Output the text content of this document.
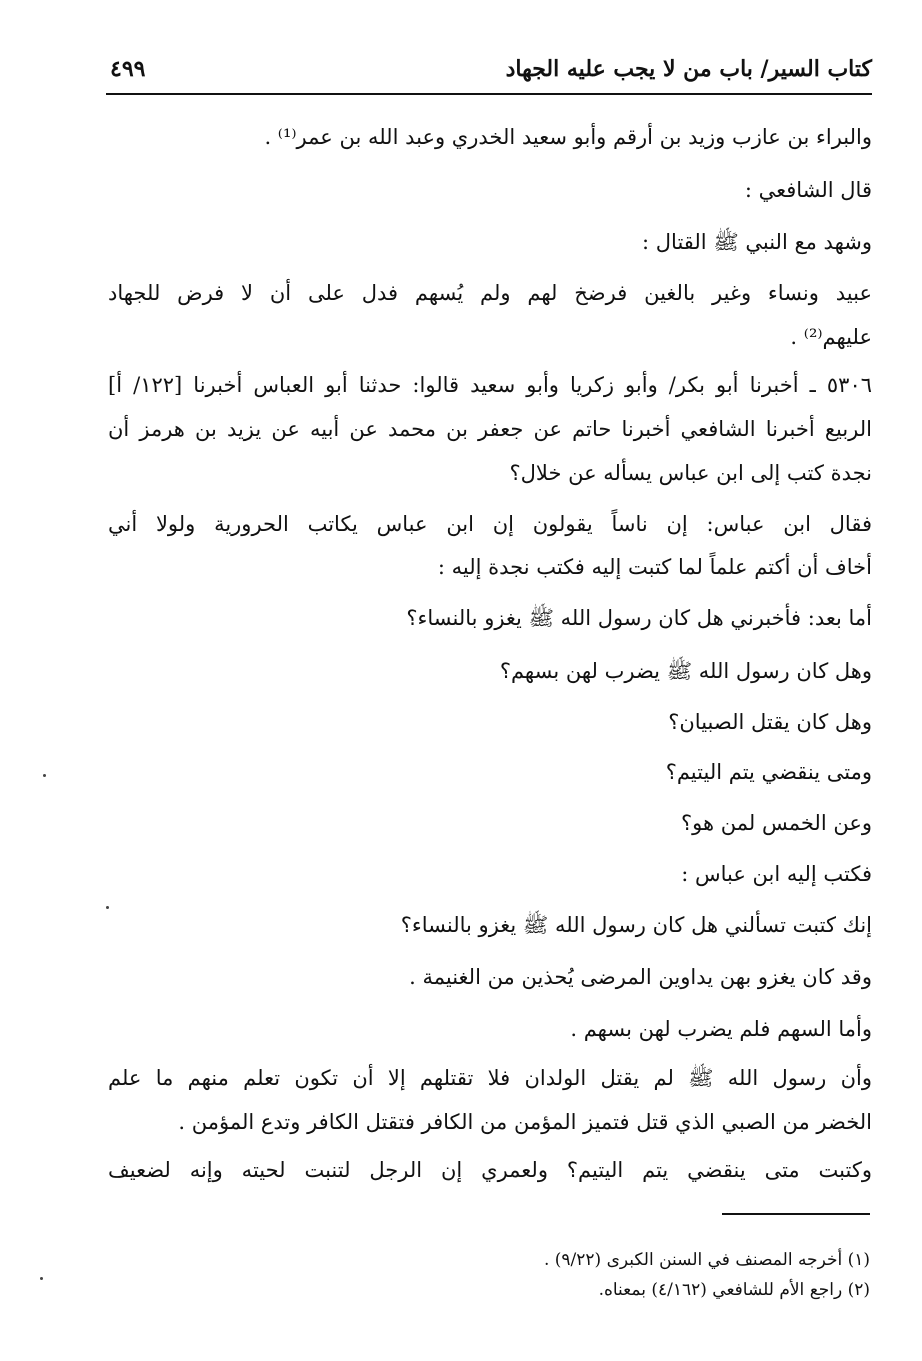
كتاب السير/ باب من لا يجب عليه الجهاد
٤٩٩
والبراء بن عازب وزيد بن أرقم وأبو سعيد الخدري وعبد الله بن عمر⁽¹⁾ .
قال الشافعي :
وشهد مع النبي ﷺ القتال :
عبيد ونساء وغير بالغين فرضخ لهم ولم يُسهم فدل على أن لا فرض للجهاد
عليهم⁽²⁾ .
٥٣٠٦ ـ أخبرنا أبو بكر/ وأبو زكريا وأبو سعيد قالوا: حدثنا أبو العباس أخبرنا [١٢٢/ أ]
الربيع أخبرنا الشافعي أخبرنا حاتم عن جعفر بن محمد عن أبيه عن يزيد بن هرمز أن
نجدة كتب إلى ابن عباس يسأله عن خلال؟
فقال ابن عباس: إن ناساً يقولون إن ابن عباس يكاتب الحرورية ولولا أني
أخاف أن أكتم علماً لما كتبت إليه فكتب نجدة إليه :
أما بعد: فأخبرني هل كان رسول الله ﷺ يغزو بالنساء؟
وهل كان رسول الله ﷺ يضرب لهن بسهم؟
وهل كان يقتل الصبيان؟
ومتى ينقضي يتم اليتيم؟
وعن الخمس لمن هو؟
فكتب إليه ابن عباس :
إنك كتبت تسألني هل كان رسول الله ﷺ يغزو بالنساء؟
وقد كان يغزو بهن يداوين المرضى يُحذين من الغنيمة .
وأما السهم فلم يضرب لهن بسهم .
وأن رسول الله ﷺ لم يقتل الولدان فلا تقتلهم إلا أن تكون تعلم منهم ما علم
الخضر من الصبي الذي قتل فتميز المؤمن من الكافر فتقتل الكافر وتدع المؤمن .
وكتبت متى ينقضي يتم اليتيم؟ ولعمري إن الرجل لتنبت لحيته وإنه لضعيف
(١) أخرجه المصنف في السنن الكبرى (٩/٢٢) .
(٢) راجع الأم للشافعي (٤/١٦٢) بمعناه.
